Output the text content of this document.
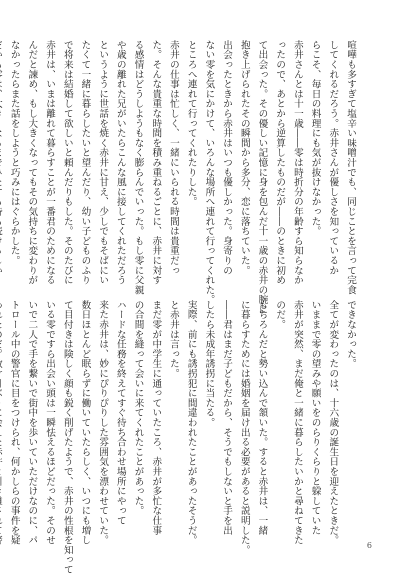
喧嘩も多すぎて塩辛い味噌汁でも、同じことを言って完食
してくれるだろう。赤井さんが優しさを知っているか
らこそ、毎日の料理にも気が抜けなかった。
赤井さんとは十一歳――零は時折分の年齢すら知らなか
ったので、あとから逆算したものだが――のときに初め
て出会った。その優しい記憶に身を包んだ十一歳の赤井の腕に
抱き上げられたその瞬間から多分、恋に落ちていた。
出会ったときから赤井はいつも優しかった。身寄りの
ない零を気にかけて、いろんな場所へ連れて行ってくれた。
ところへ連れて行ってくれたりした。
赤井の仕事は忙しく、一緒にいられる時間は貴重だっ
た。そんな貴重な時間を積み重ねるごとに、赤井に対す
る感情はどうしようもなく膨らんでいった。もし零に父親
や歳の離れた兄がいたらこんな風に接してくれただろう
というように世話を焼く赤井に甘え、少しでもそばにい
たくて一緒に暮らしたいと望んだり、幼い子どものふり
で将来は結婚して欲しいと頼んだりもした。そのたびに
赤井は、いまは離れて暮らすことが一番君のためになる
んだと諫め、もし大きくなってもその気持ちに変わりが
なかったらまた話をしようと巧みにはぐらかした。
できなかった。
全てが変わったのは、十六歳の誕生日を迎えたときだ。
いままで零の望みや願いをのらりくらりと躱していた
赤井が突然、まだ俺と一緒に暮らしたいかと尋ねてきた
のだ。
もちろんだと勢い込んで頷いた。すると赤井は、一緒
に暮らすためには婚姻を届け出る必要があると説明した。
――君はまだ子どもだから、そうでもしないと手を出
したら未成年誘拐に当たる。
実際、前にも誘拐犯に間違われたことがあったそうだ。
と赤井は言った。
まだ零が中学生に通っていたころ、赤井が多忙な仕事
の合間を縫って会いに来てくれたことがあった。
ハードな任務を終えてすぐ待ち合わせ場所にやって
来た赤井は、妙にぴりぴりした雰囲気を漂わせていた。
数日ほとんど眠らずに働いていたらしく、いつにも増し
て目付きは険しく顔も鋭く削げたようで、赤井の性根を知って
いる零ですら出会い頭は一瞬怯えるほどだった。そのせ
いで二人で手を繋いで街中を歩いていただけなのに、パ
トロール中の警官に目をつけられ、何かしらの事件を疑
6
